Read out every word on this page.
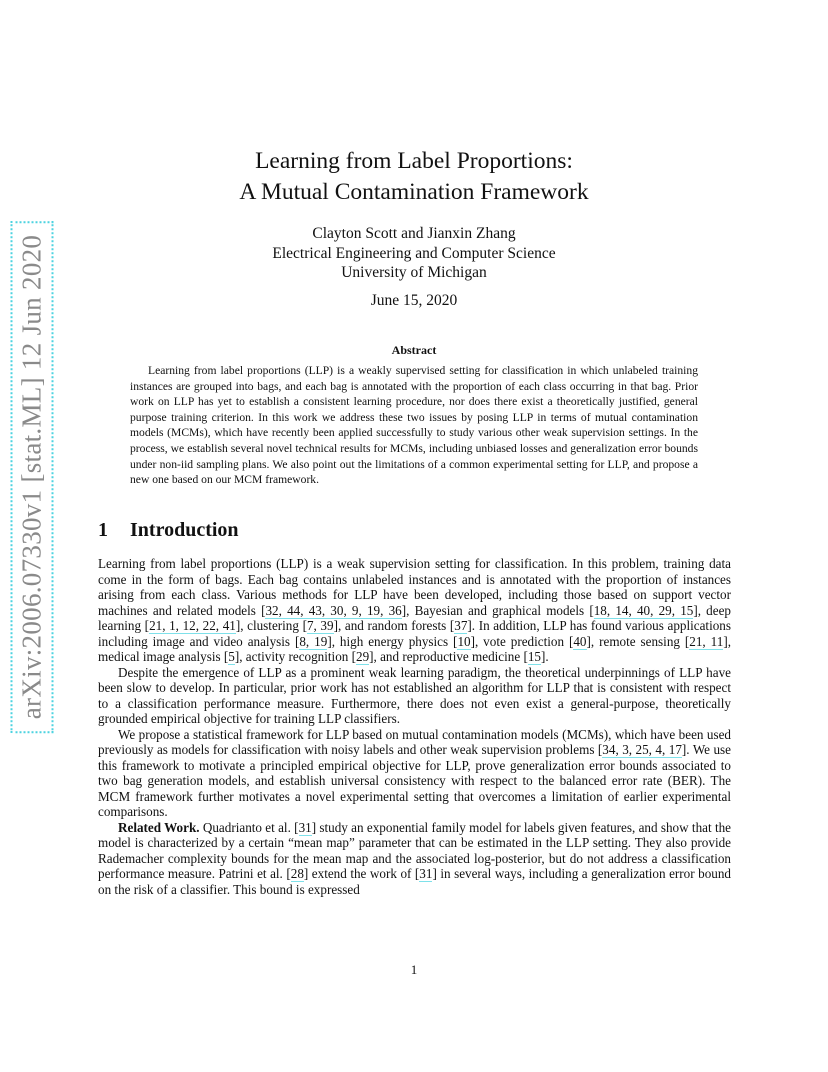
arXiv:2006.07330v1 [stat.ML] 12 Jun 2020
Learning from Label Proportions:
A Mutual Contamination Framework
Clayton Scott and Jianxin Zhang
Electrical Engineering and Computer Science
University of Michigan
June 15, 2020
Abstract

Learning from label proportions (LLP) is a weakly supervised setting for classification in which unlabeled training instances are grouped into bags, and each bag is annotated with the proportion of each class occurring in that bag. Prior work on LLP has yet to establish a consistent learning procedure, nor does there exist a theoretically justified, general purpose training criterion. In this work we address these two issues by posing LLP in terms of mutual contamination models (MCMs), which have recently been applied successfully to study various other weak supervision settings. In the process, we establish several novel technical results for MCMs, including unbiased losses and generalization error bounds under non-iid sampling plans. We also point out the limitations of a common experimental setting for LLP, and propose a new one based on our MCM framework.

1 Introduction

Learning from label proportions (LLP) is a weak supervision setting for classification. In this problem, training data come in the form of bags. Each bag contains unlabeled instances and is annotated with the proportion of instances arising from each class. Various methods for LLP have been developed, including those based on support vector machines and related models [32, 44, 43, 30, 9, 19, 36], Bayesian and graphical models [18, 14, 40, 29, 15], deep learning [21, 1, 12, 22, 41], clustering [7, 39], and random forests [37]. In addition, LLP has found various applications including image and video analysis [8, 19], high energy physics [10], vote prediction [40], remote sensing [21, 11], medical image analysis [5], activity recognition [29], and reproductive medicine [15].

Despite the emergence of LLP as a prominent weak learning paradigm, the theoretical underpinnings of LLP have been slow to develop. In particular, prior work has not established an algorithm for LLP that is consistent with respect to a classification performance measure. Furthermore, there does not even exist a general-purpose, theoretically grounded empirical objective for training LLP classifiers.

We propose a statistical framework for LLP based on mutual contamination models (MCMs), which have been used previously as models for classification with noisy labels and other weak supervision problems [34, 3, 25, 4, 17]. We use this framework to motivate a principled empirical objective for LLP, prove generalization error bounds associated to two bag generation models, and establish universal consistency with respect to the balanced error rate (BER). The MCM framework further motivates a novel experimental setting that overcomes a limitation of earlier experimental comparisons.

Related Work. Quadrianto et al. [31] study an exponential family model for labels given features, and show that the model is characterized by a certain “mean map” parameter that can be estimated in the LLP setting. They also provide Rademacher complexity bounds for the mean map and the associated log-posterior, but do not address a classification performance measure. Patrini et al. [28] extend the work of [31] in several ways, including a generalization error bound on the risk of a classifier. This bound is expressed

1
